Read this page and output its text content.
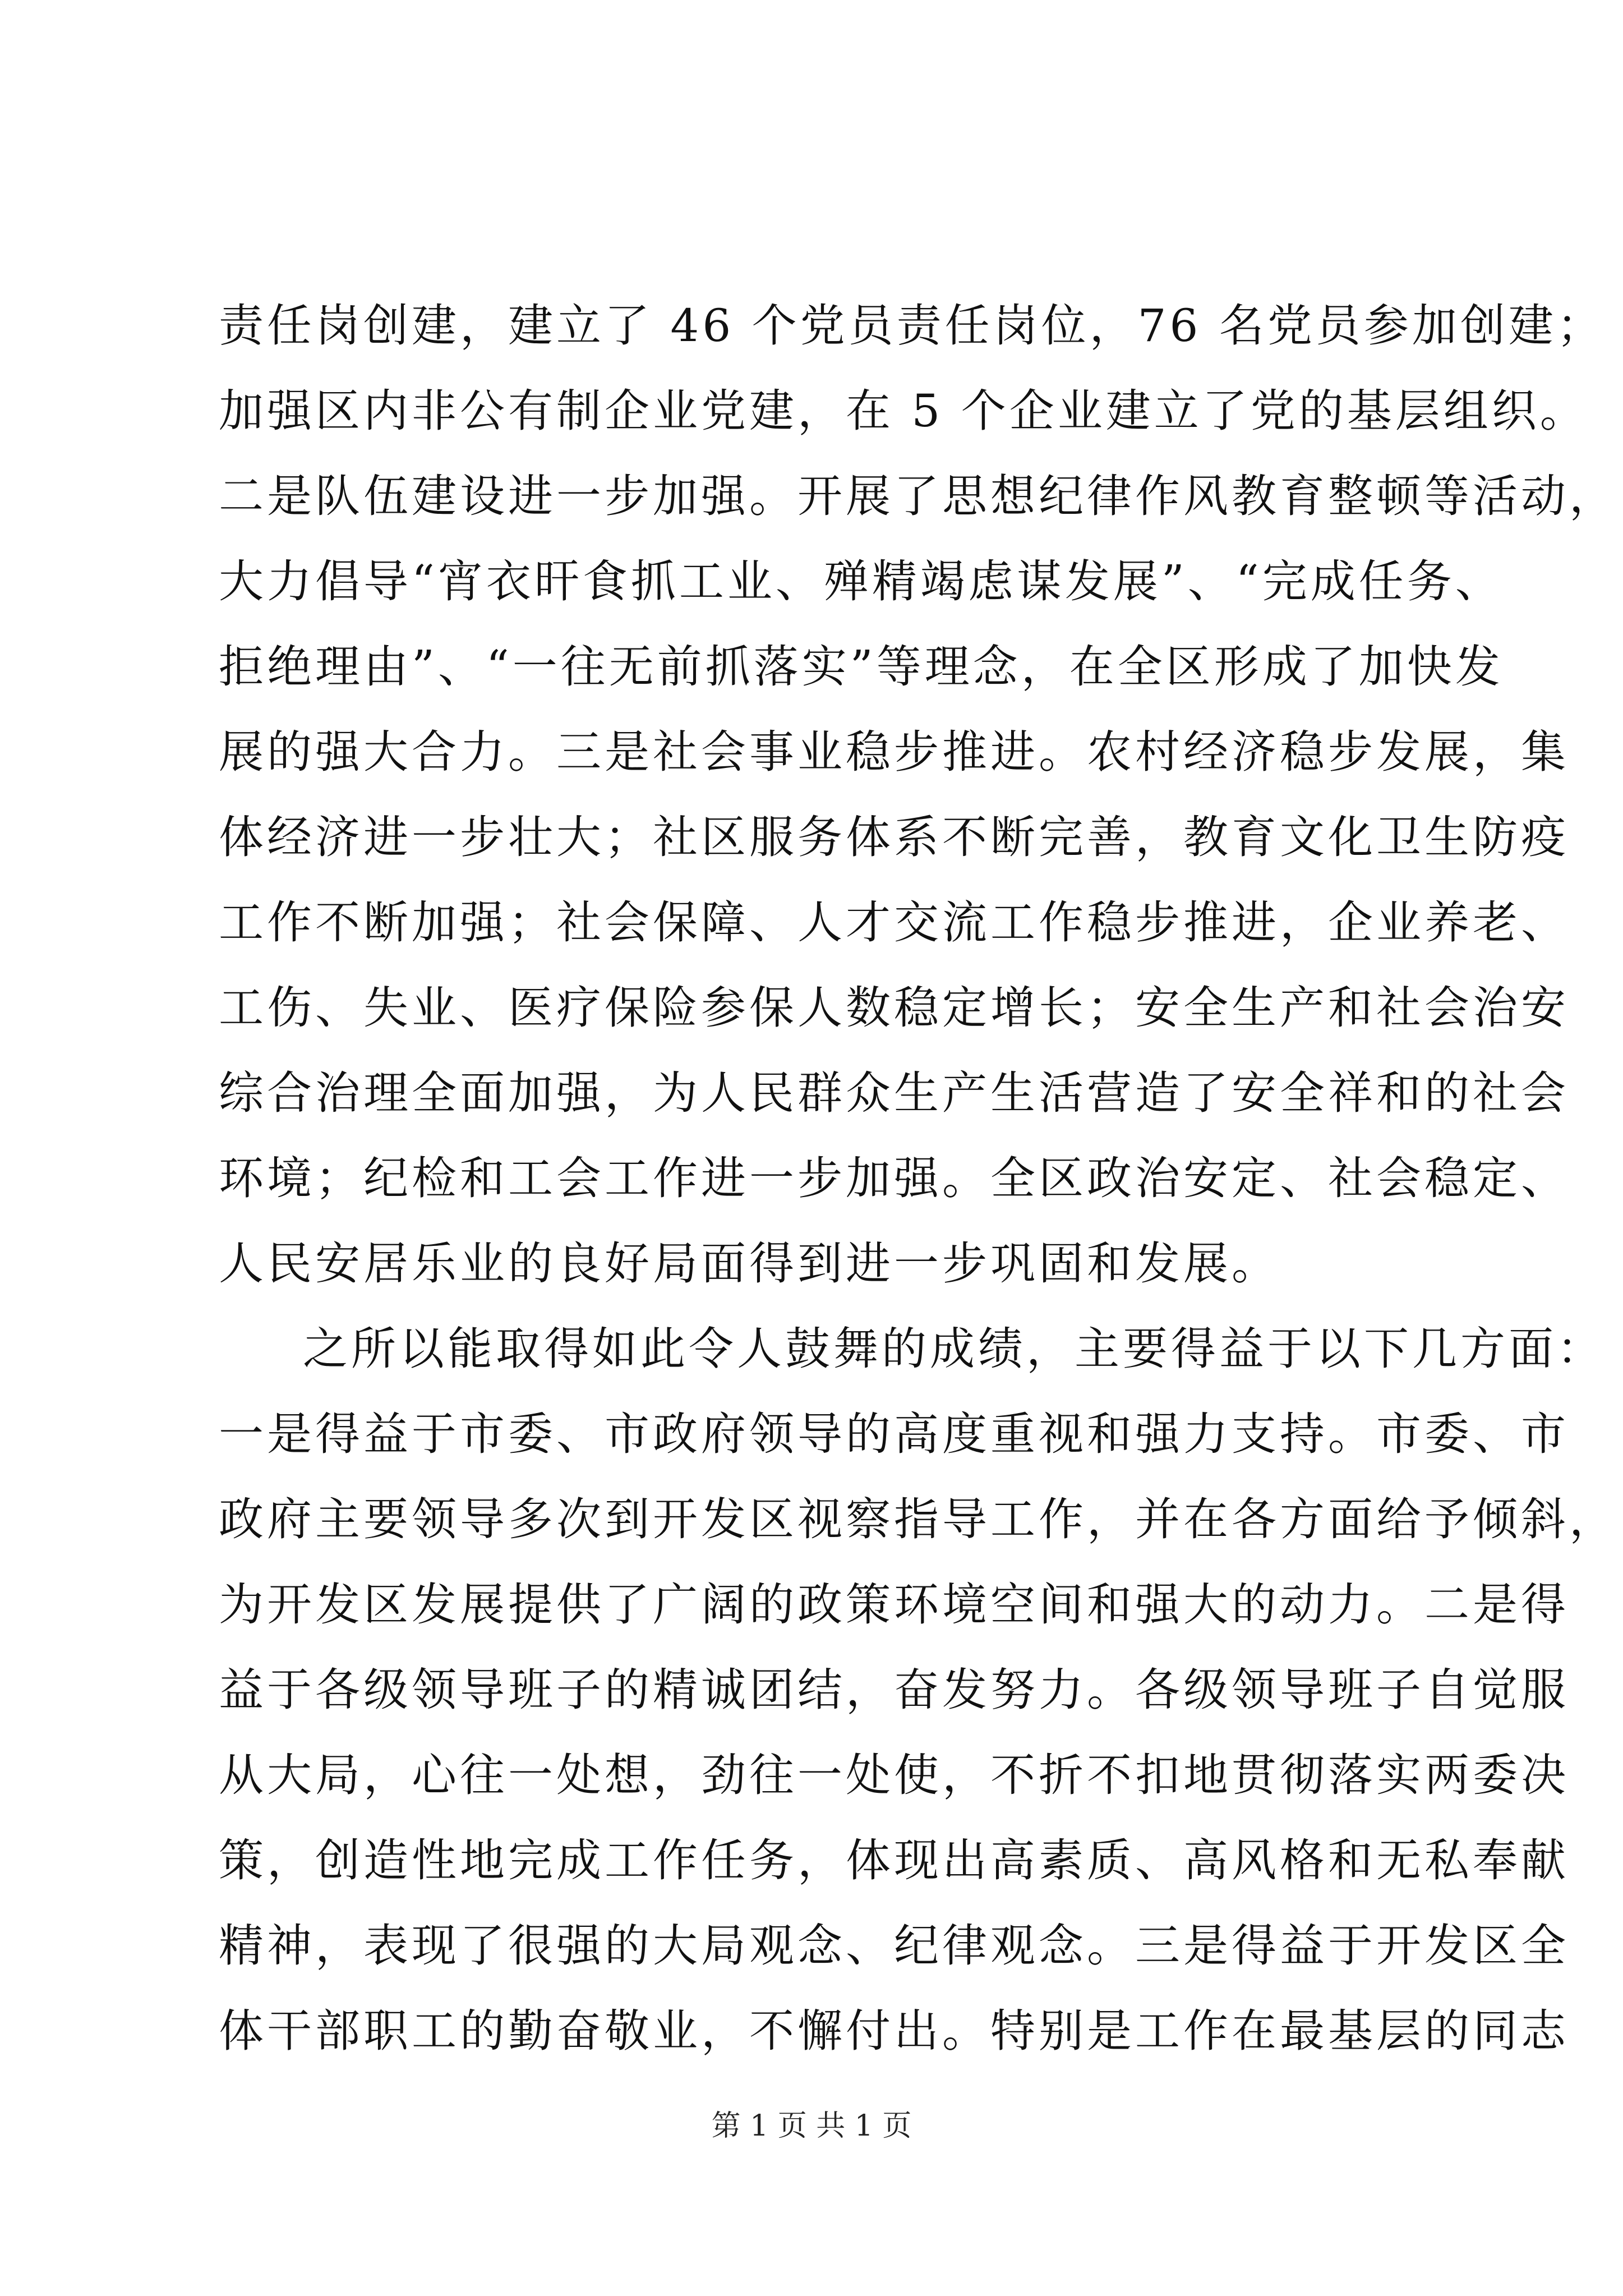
责任岗创建，建立了 46 个党员责任岗位，76 名党员参加创建；
加强区内非公有制企业党建，在 5 个企业建立了党的基层组织。
二是队伍建设进一步加强。开展了思想纪律作风教育整顿等活动，
大力倡导“宵衣旰食抓工业、殚精竭虑谋发展”、“完成任务、
拒绝理由”、“一往无前抓落实”等理念，在全区形成了加快发
展的强大合力。三是社会事业稳步推进。农村经济稳步发展，集
体经济进一步壮大；社区服务体系不断完善，教育文化卫生防疫
工作不断加强；社会保障、人才交流工作稳步推进，企业养老、
工伤、失业、医疗保险参保人数稳定增长；安全生产和社会治安
综合治理全面加强，为人民群众生产生活营造了安全祥和的社会
环境；纪检和工会工作进一步加强。全区政治安定、社会稳定、
人民安居乐业的良好局面得到进一步巩固和发展。
之所以能取得如此令人鼓舞的成绩，主要得益于以下几方面：
一是得益于市委、市政府领导的高度重视和强力支持。市委、市
政府主要领导多次到开发区视察指导工作，并在各方面给予倾斜，
为开发区发展提供了广阔的政策环境空间和强大的动力。二是得
益于各级领导班子的精诚团结，奋发努力。各级领导班子自觉服
从大局，心往一处想，劲往一处使，不折不扣地贯彻落实两委决
策，创造性地完成工作任务，体现出高素质、高风格和无私奉献
精神，表现了很强的大局观念、纪律观念。三是得益于开发区全
体干部职工的勤奋敬业，不懈付出。特别是工作在最基层的同志
第 1 页 共 1 页
